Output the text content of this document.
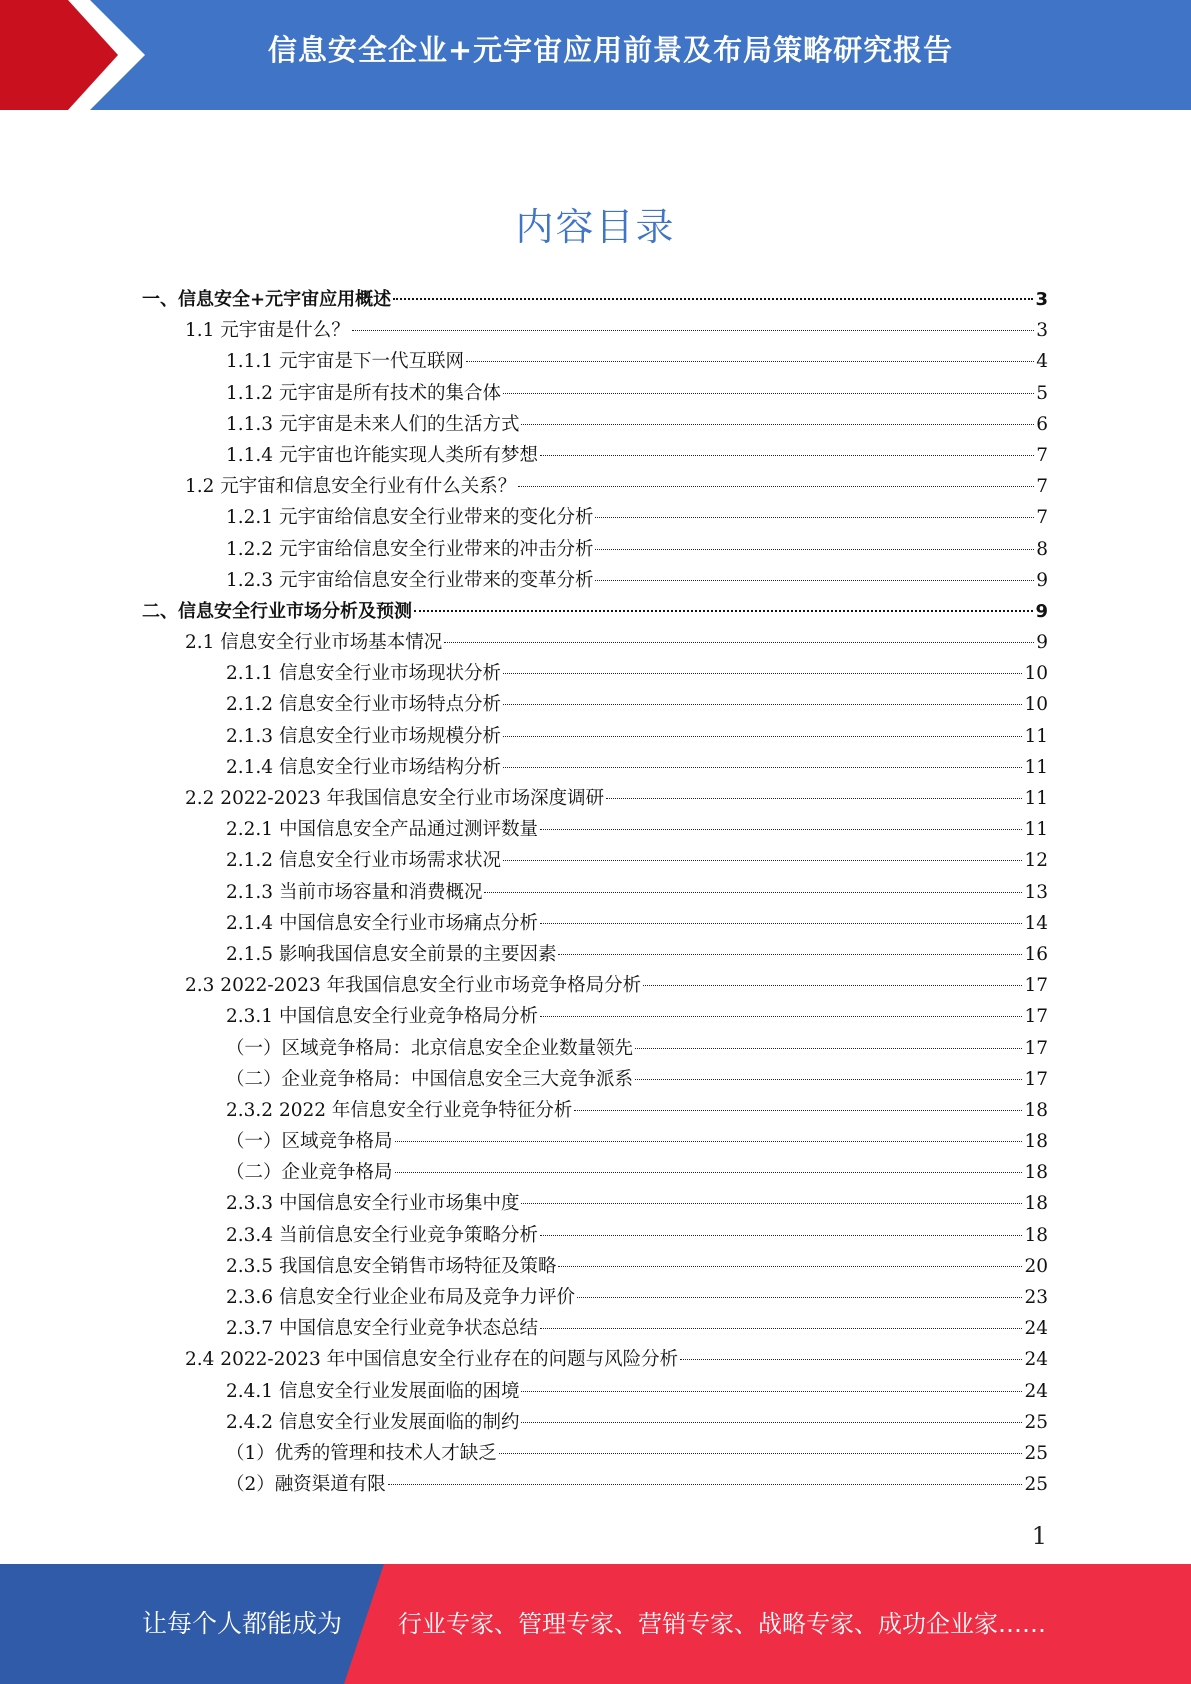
信息安全企业+元宇宙应用前景及布局策略研究报告
内容目录
一、信息安全+元宇宙应用概述	3
1.1 元宇宙是什么？	3
1.1.1 元宇宙是下一代互联网	4
1.1.2 元宇宙是所有技术的集合体	5
1.1.3 元宇宙是未来人们的生活方式	6
1.1.4 元宇宙也许能实现人类所有梦想	7
1.2 元宇宙和信息安全行业有什么关系？	7
1.2.1 元宇宙给信息安全行业带来的变化分析	7
1.2.2 元宇宙给信息安全行业带来的冲击分析	8
1.2.3 元宇宙给信息安全行业带来的变革分析	9
二、信息安全行业市场分析及预测	9
2.1 信息安全行业市场基本情况	9
2.1.1 信息安全行业市场现状分析	10
2.1.2 信息安全行业市场特点分析	10
2.1.3 信息安全行业市场规模分析	11
2.1.4 信息安全行业市场结构分析	11
2.2 2022-2023 年我国信息安全行业市场深度调研	11
2.2.1 中国信息安全产品通过测评数量	11
2.1.2 信息安全行业市场需求状况	12
2.1.3 当前市场容量和消费概况	13
2.1.4 中国信息安全行业市场痛点分析	14
2.1.5 影响我国信息安全前景的主要因素	16
2.3 2022-2023 年我国信息安全行业市场竞争格局分析	17
2.3.1 中国信息安全行业竞争格局分析	17
（一）区域竞争格局：北京信息安全企业数量领先	17
（二）企业竞争格局：中国信息安全三大竞争派系	17
2.3.2 2022 年信息安全行业竞争特征分析	18
（一）区域竞争格局	18
（二）企业竞争格局	18
2.3.3 中国信息安全行业市场集中度	18
2.3.4 当前信息安全行业竞争策略分析	18
2.3.5 我国信息安全销售市场特征及策略	20
2.3.6 信息安全行业企业布局及竞争力评价	23
2.3.7 中国信息安全行业竞争状态总结	24
2.4 2022-2023 年中国信息安全行业存在的问题与风险分析	24
2.4.1 信息安全行业发展面临的困境	24
2.4.2 信息安全行业发展面临的制约	25
（1）优秀的管理和技术人才缺乏	25
（2）融资渠道有限	25
1
让每个人都能成为 行业专家、管理专家、营销专家、战略专家、成功企业家……
